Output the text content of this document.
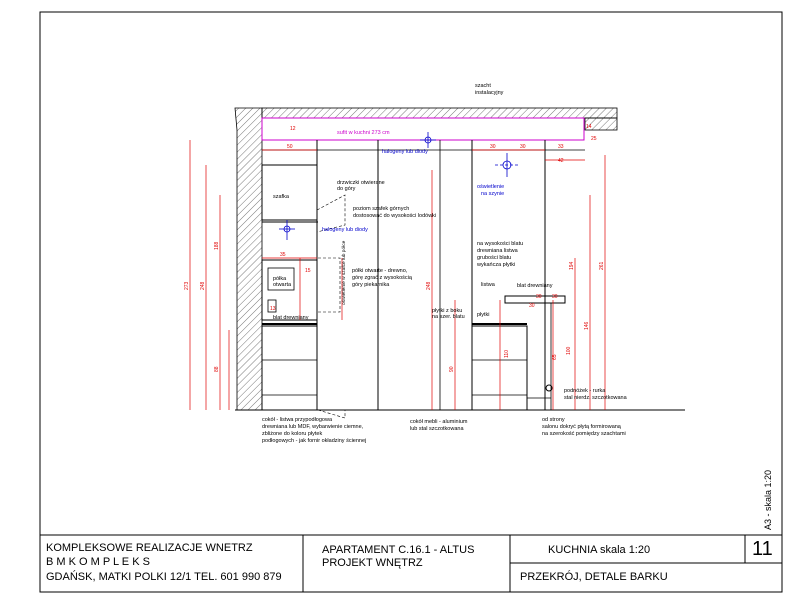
szacht
instalacyjny
sufit w kuchni 273 cm
halogeny lub diody
oświetlenie
na szynie
drzwiczki otwierane
do góry
szafka
poziom szafek górnych
dostosować do wysokości lodówki
halogeny lub diody
półki otwarte - drewno,
górę zgrać z wysokością
góry piekarnika
półka
otwarta	oświetlenie w szafce lub półce
blat drewniany
płytki z boku
na szer. blatu płytki
na wysokości blatu
drewniana listwa
grubości blatu
wykańcza płytki
listwa	blat drewniany
podnóżek - rurka
stal nierdz. szczotkowana
od strony
salonu dokryć płytą formirowaną
na szerokość pomiędzy szachtami
cokół - listwa przypodłogowa
drewniana lub MDF, wybarwienie ciemne,
zbliżone do koloru płytek
podłogowych - jak fornir okładziny ściennej
cokół mebli - aluminium
lub stal szczotkowana
12
50
14
25
30	30	33
42
35
15
13	30
30 30
273 248
188
88
248
90
110	100
146
194	261
65
KOMPLEKSOWE REALIZACJE WNETRZ
B M K O M P L E K S
GDAŃSK, MATKI POLKI 12/1 TEL. 601 990 879
APARTAMENT C.16.1 - ALTUS
PROJEKT WNĘTRZ
KUCHNIA skala 1:20
PRZEKRÓJ, DETALE BARKU
11
A3 - skala 1:20
